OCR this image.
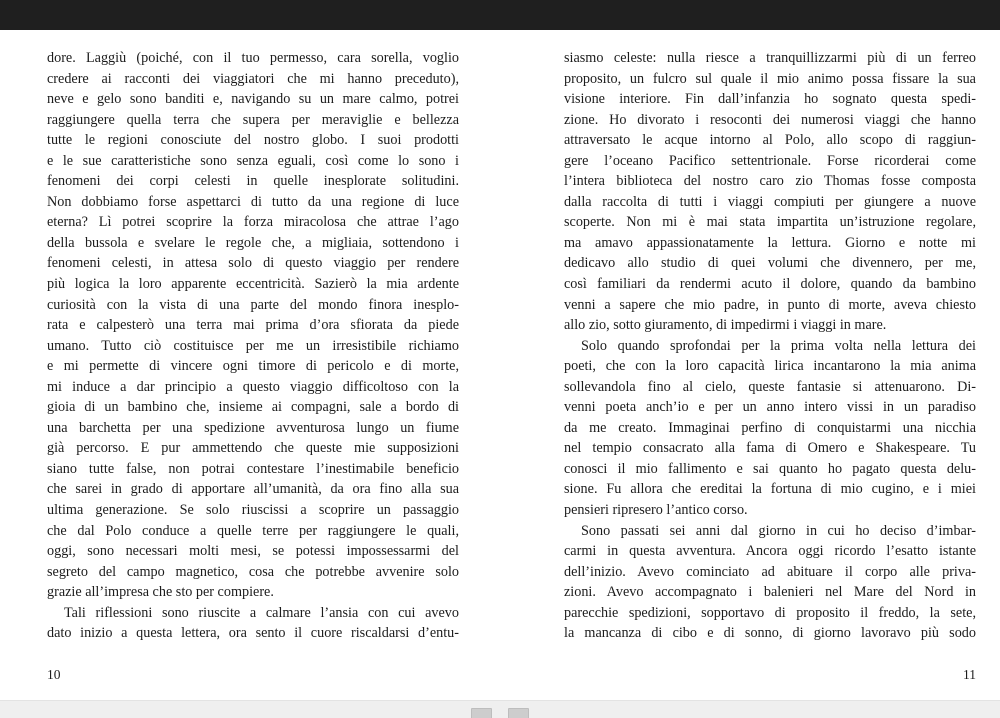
dore. Laggiù (poiché, con il tuo permesso, cara sorella, voglio
credere ai racconti dei viaggiatori che mi hanno preceduto),
neve e gelo sono banditi e, navigando su un mare calmo, potrei
raggiungere quella terra che supera per meraviglie e bellezza
tutte le regioni conosciute del nostro globo. I suoi prodotti
e le sue caratteristiche sono senza eguali, così come lo sono i
fenomeni dei corpi celesti in quelle inesplorate solitudini.
Non dobbiamo forse aspettarci di tutto da una regione di luce
eterna? Lì potrei scoprire la forza miracolosa che attrae l’ago
della bussola e svelare le regole che, a migliaia, sottendono i
fenomeni celesti, in attesa solo di questo viaggio per rendere
più logica la loro apparente eccentricità. Sazierò la mia ardente
curiosità con la vista di una parte del mondo finora inesplo-
rata e calpesterò una terra mai prima d’ora sfiorata da piede
umano. Tutto ciò costituisce per me un irresistibile richiamo
e mi permette di vincere ogni timore di pericolo e di morte,
mi induce a dar principio a questo viaggio difficoltoso con la
gioia di un bambino che, insieme ai compagni, sale a bordo di
una barchetta per una spedizione avventurosa lungo un fiume
già percorso. E pur ammettendo che queste mie supposizioni
siano tutte false, non potrai contestare l’inestimabile beneficio
che sarei in grado di apportare all’umanità, da ora fino alla sua
ultima generazione. Se solo riuscissi a scoprire un passaggio
che dal Polo conduce a quelle terre per raggiungere le quali,
oggi, sono necessari molti mesi, se potessi impossessarmi del
segreto del campo magnetico, cosa che potrebbe avvenire solo
grazie all’impresa che sto per compiere.
Tali riflessioni sono riuscite a calmare l’ansia con cui avevo
dato inizio a questa lettera, ora sento il cuore riscaldarsi d’entu-
10
siasmo celeste: nulla riesce a tranquillizzarmi più di un ferreo
proposito, un fulcro sul quale il mio animo possa fissare la sua
visione interiore. Fin dall’infanzia ho sognato questa spedi-
zione. Ho divorato i resoconti dei numerosi viaggi che hanno
attraversato le acque intorno al Polo, allo scopo di raggiun-
gere l’oceano Pacifico settentrionale. Forse ricorderai come
l’intera biblioteca del nostro caro zio Thomas fosse composta
dalla raccolta di tutti i viaggi compiuti per giungere a nuove
scoperte. Non mi è mai stata impartita un’istruzione regolare,
ma amavo appassionatamente la lettura. Giorno e notte mi
dedicavo allo studio di quei volumi che divennero, per me,
così familiari da rendermi acuto il dolore, quando da bambino
venni a sapere che mio padre, in punto di morte, aveva chiesto
allo zio, sotto giuramento, di impedirmi i viaggi in mare.
Solo quando sprofondai per la prima volta nella lettura dei
poeti, che con la loro capacità lirica incantarono la mia anima
sollevandola fino al cielo, queste fantasie si attenuarono. Di-
venni poeta anch’io e per un anno intero vissi in un paradiso
da me creato. Immaginai perfino di conquistarmi una nicchia
nel tempio consacrato alla fama di Omero e Shakespeare. Tu
conosci il mio fallimento e sai quanto ho pagato questa delu-
sione. Fu allora che ereditai la fortuna di mio cugino, e i miei
pensieri ripresero l’antico corso.
Sono passati sei anni dal giorno in cui ho deciso d’imbar-
carmi in questa avventura. Ancora oggi ricordo l’esatto istante
dell’inizio. Avevo cominciato ad abituare il corpo alle priva-
zioni. Avevo accompagnato i balenieri nel Mare del Nord in
parecchie spedizioni, sopportavo di proposito il freddo, la sete,
la mancanza di cibo e di sonno, di giorno lavoravo più sodo
11
